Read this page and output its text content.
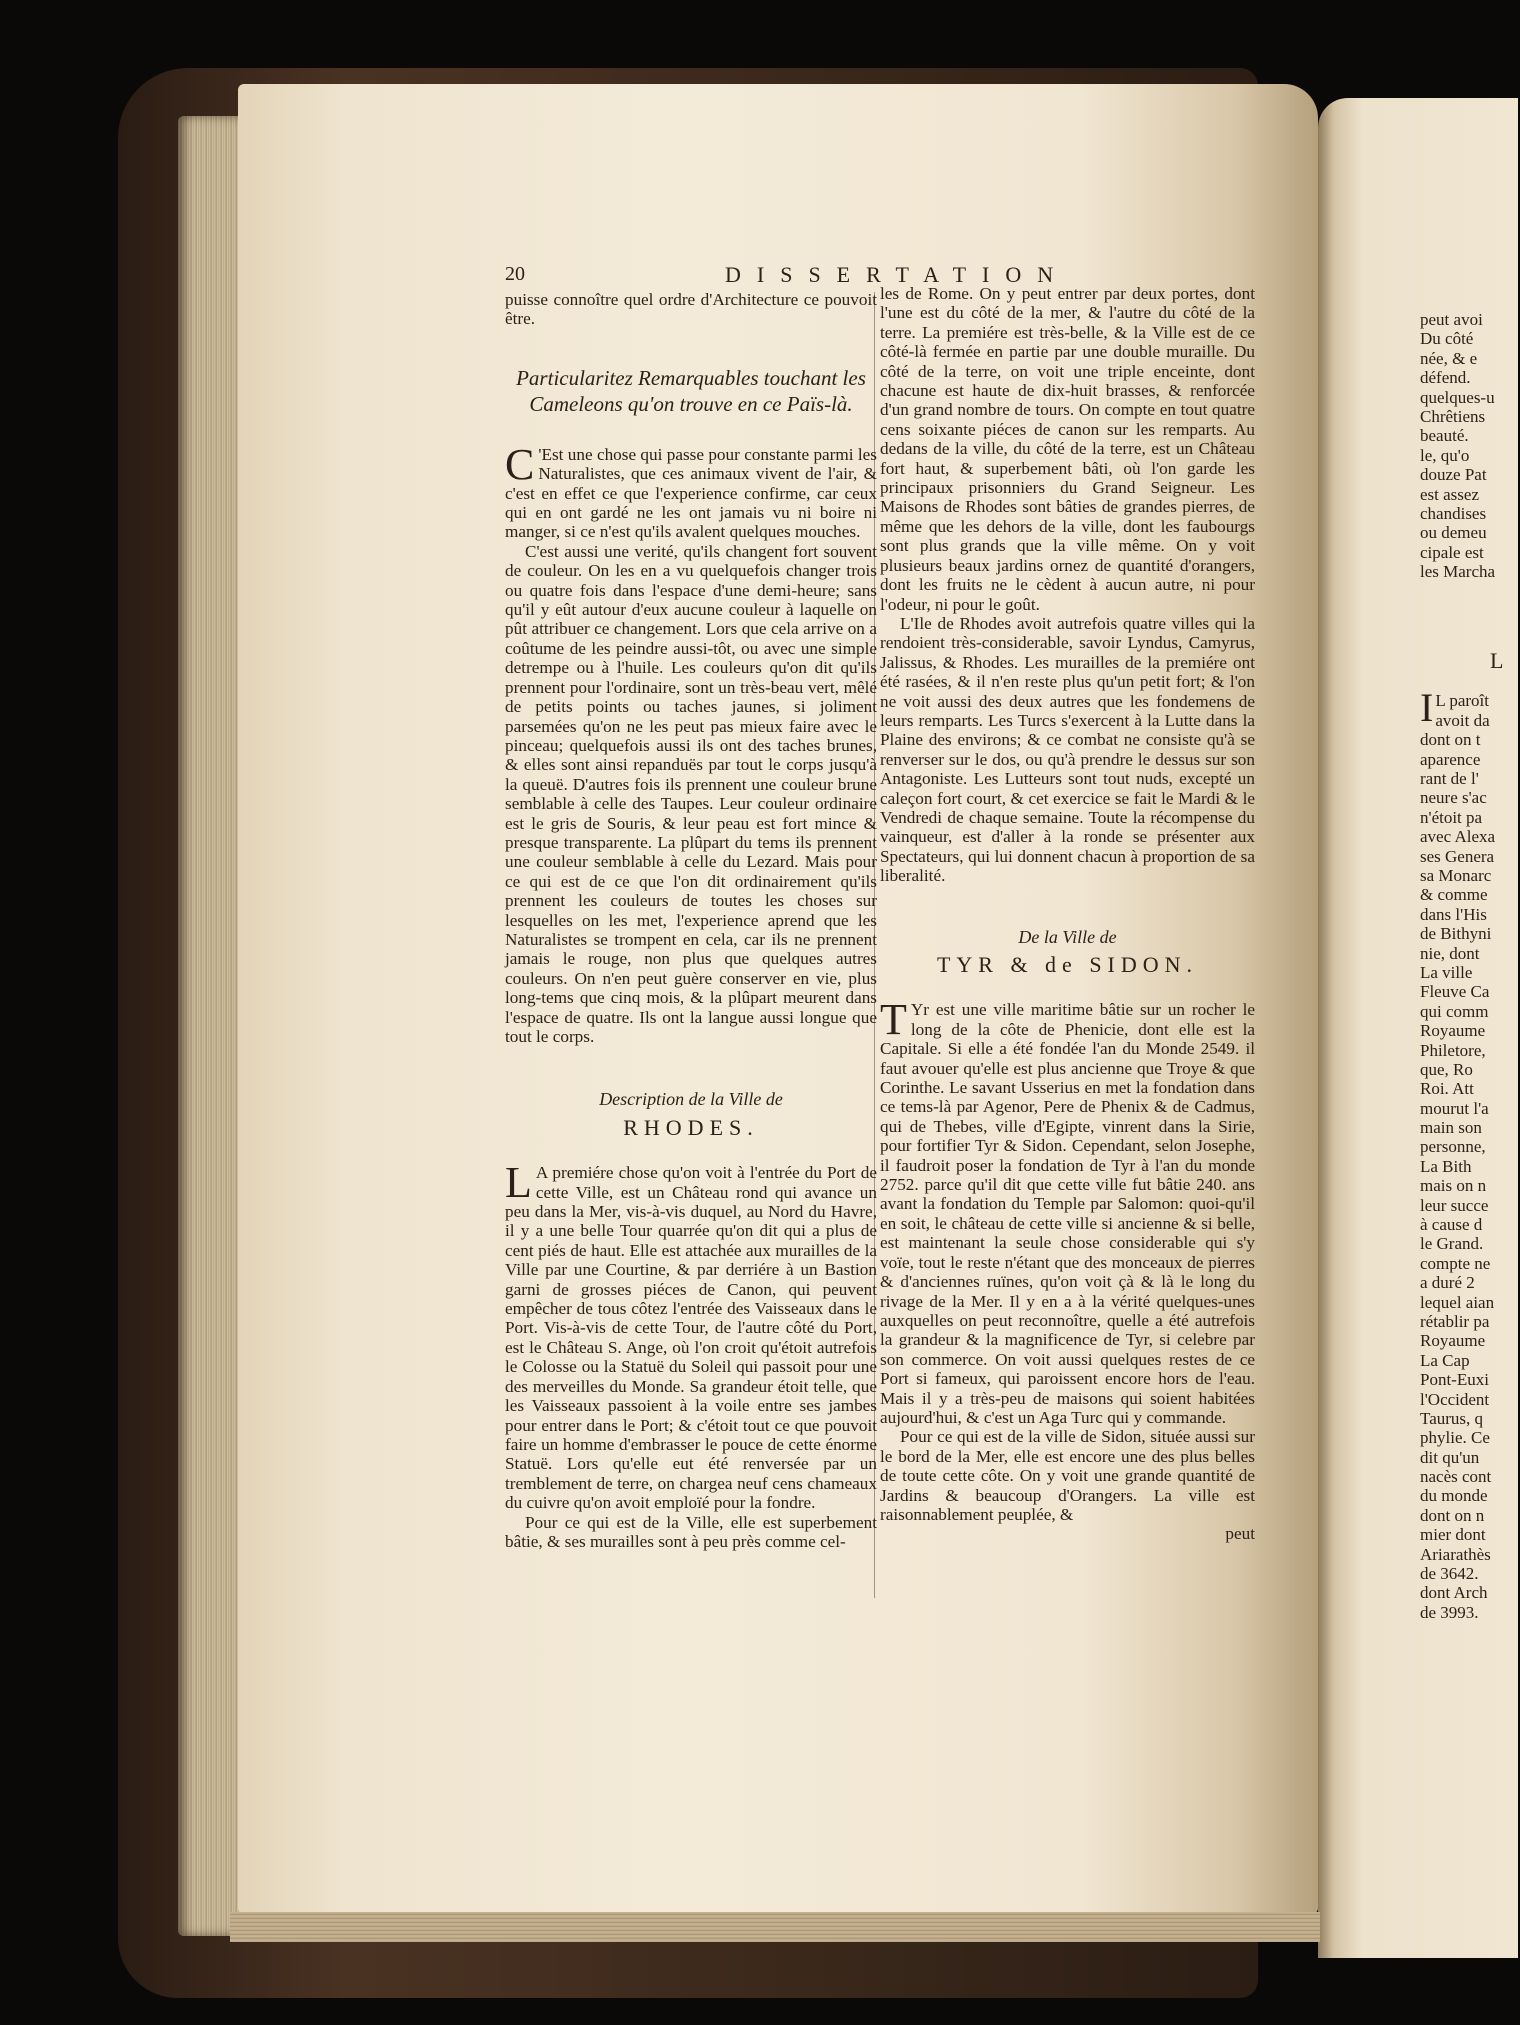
20	DISSERTATION

puisse connoître quel ordre d'Architecture ce pouvoit être.

Particularitez Remarquables touchant les Cameleons qu'on trouve en ce Païs-là.

C 'Est une chose qui passe pour constante parmi les Naturalistes, que ces animaux vivent de l'air, & c'est en effet ce que l'experience confirme, car ceux qui en ont gardé ne les ont jamais vu ni boire ni manger, si ce n'est qu'ils avalent quelques mouches.

C'est aussi une verité, qu'ils changent fort souvent de couleur. On les en a vu quelquefois changer trois ou quatre fois dans l'espace d'une demi-heure; sans qu'il y eût autour d'eux aucune couleur à laquelle on pût attribuer ce changement. Lors que cela arrive on a coûtume de les peindre aussi-tôt, ou avec une simple detrempe ou à l'huile. Les couleurs qu'on dit qu'ils prennent pour l'ordinaire, sont un très-beau vert, mêlé de petits points ou taches jaunes, si joliment parsemées qu'on ne les peut pas mieux faire avec le pinceau; quelquefois aussi ils ont des taches brunes, & elles sont ainsi repanduës par tout le corps jusqu'à la queuë. D'autres fois ils prennent une couleur brune semblable à celle des Taupes. Leur couleur ordinaire est le gris de Souris, & leur peau est fort mince & presque transparente. La plûpart du tems ils prennent une couleur semblable à celle du Lezard. Mais pour ce qui est de ce que l'on dit ordinairement qu'ils prennent les couleurs de toutes les choses sur lesquelles on les met, l'experience aprend que les Naturalistes se trompent en cela, car ils ne prennent jamais le rouge, non plus que quelques autres couleurs. On n'en peut guère conserver en vie, plus long-tems que cinq mois, & la plûpart meurent dans l'espace de quatre. Ils ont la langue aussi longue que tout le corps.

Description de la Ville de
RHODES.

L A premiére chose qu'on voit à l'entrée du Port de cette Ville, est un Château rond qui avance un peu dans la Mer, vis-à-vis duquel, au Nord du Havre, il y a une belle Tour quarrée qu'on dit qui a plus de cent piés de haut. Elle est attachée aux murailles de la Ville par une Courtine, & par derriére à un Bastion garni de grosses piéces de Canon, qui peuvent empêcher de tous côtez l'entrée des Vaisseaux dans le Port. Vis-à-vis de cette Tour, de l'autre côté du Port, est le Château S. Ange, où l'on croit qu'étoit autrefois le Colosse ou la Statuë du Soleil qui passoit pour une des merveilles du Monde. Sa grandeur étoit telle, que les Vaisseaux passoient à la voile entre ses jambes pour entrer dans le Port; & c'étoit tout ce que pouvoit faire un homme d'embrasser le pouce de cette énorme Statuë. Lors qu'elle eut été renversée par un tremblement de terre, on chargea neuf cens chameaux du cuivre qu'on avoit emploïé pour la fondre.

Pour ce qui est de la Ville, elle est superbement bâtie, & ses murailles sont à peu près comme cel-

les de Rome. On y peut entrer par deux portes, dont l'une est du côté de la mer, & l'autre du côté de la terre. La premiére est très-belle, & la Ville est de ce côté-là fermée en partie par une double muraille. Du côté de la terre, on voit une triple enceinte, dont chacune est haute de dix-huit brasses, & renforcée d'un grand nombre de tours. On compte en tout quatre cens soixante piéces de canon sur les remparts. Au dedans de la ville, du côté de la terre, est un Château fort haut, & superbement bâti, où l'on garde les principaux prisonniers du Grand Seigneur. Les Maisons de Rhodes sont bâties de grandes pierres, de même que les dehors de la ville, dont les faubourgs sont plus grands que la ville même. On y voit plusieurs beaux jardins ornez de quantité d'orangers, dont les fruits ne le cèdent à aucun autre, ni pour l'odeur, ni pour le goût.

L'Ile de Rhodes avoit autrefois quatre villes qui la rendoient très-considerable, savoir Lyndus, Camyrus, Jalissus, & Rhodes. Les murailles de la premiére ont été rasées, & il n'en reste plus qu'un petit fort; & l'on ne voit aussi des deux autres que les fondemens de leurs remparts. Les Turcs s'exercent à la Lutte dans la Plaine des environs; & ce combat ne consiste qu'à se renverser sur le dos, ou qu'à prendre le dessus sur son Antagoniste. Les Lutteurs sont tout nuds, excepté un caleçon fort court, & cet exercice se fait le Mardi & le Vendredi de chaque semaine. Toute la récompense du vainqueur, est d'aller à la ronde se présenter aux Spectateurs, qui lui donnent chacun à proportion de sa liberalité.

De la Ville de
TYR & de SIDON.

T Yr est une ville maritime bâtie sur un rocher le long de la côte de Phenicie, dont elle est la Capitale. Si elle a été fondée l'an du Monde 2549. il faut avouer qu'elle est plus ancienne que Troye & que Corinthe. Le savant Usserius en met la fondation dans ce tems-là par Agenor, Pere de Phenix & de Cadmus, qui de Thebes, ville d'Egipte, vinrent dans la Sirie, pour fortifier Tyr & Sidon. Cependant, selon Josephe, il faudroit poser la fondation de Tyr à l'an du monde 2752. parce qu'il dit que cette ville fut bâtie 240. ans avant la fondation du Temple par Salomon: quoi-qu'il en soit, le château de cette ville si ancienne & si belle, est maintenant la seule chose considerable qui s'y voïe, tout le reste n'étant que des monceaux de pierres & d'anciennes ruïnes, qu'on voit çà & là le long du rivage de la Mer. Il y en a à la vérité quelques-unes auxquelles on peut reconnoître, quelle a été autrefois la grandeur & la magnificence de Tyr, si celebre par son commerce. On voit aussi quelques restes de ce Port si fameux, qui paroissent encore hors de l'eau. Mais il y a très-peu de maisons qui soient habitées aujourd'hui, & c'est un Aga Turc qui y commande.

Pour ce qui est de la ville de Sidon, située aussi sur le bord de la Mer, elle est encore une des plus belles de toute cette côte. On y voit une grande quantité de Jardins & beaucoup d'Orangers. La ville est raisonnablement peuplée, &

peut
peut avoi
Du côté
née, & e
défend.
quelques-u
Chrêtiens
beauté.
le, qu'o
douze Pat
est assez
chandises
ou demeu
cipale est
les Marcha
L
I L paroît
avoit da
dont on t
aparence
rant de l'
neure s'ac
n'étoit pa
avec Alexa
ses Genera
sa Monarc
& comme
dans l'His
de Bithyni
nie, dont
La ville
Fleuve Ca
qui comm
Royaume
Philetore,
que, Ro
Roi. Att
mourut l'a
main son
personne,
La Bith
mais on n
leur succe
à cause d
le Grand.
compte ne
a duré 2
lequel aian
rétablir pa
Royaume
La Cap
Pont-Euxi
l'Occident
Taurus, q
phylie. Ce
dit qu'un
nacès cont
du monde
dont on n
mier dont
Ariarathès
de 3642.
dont Arch
de 3993.
